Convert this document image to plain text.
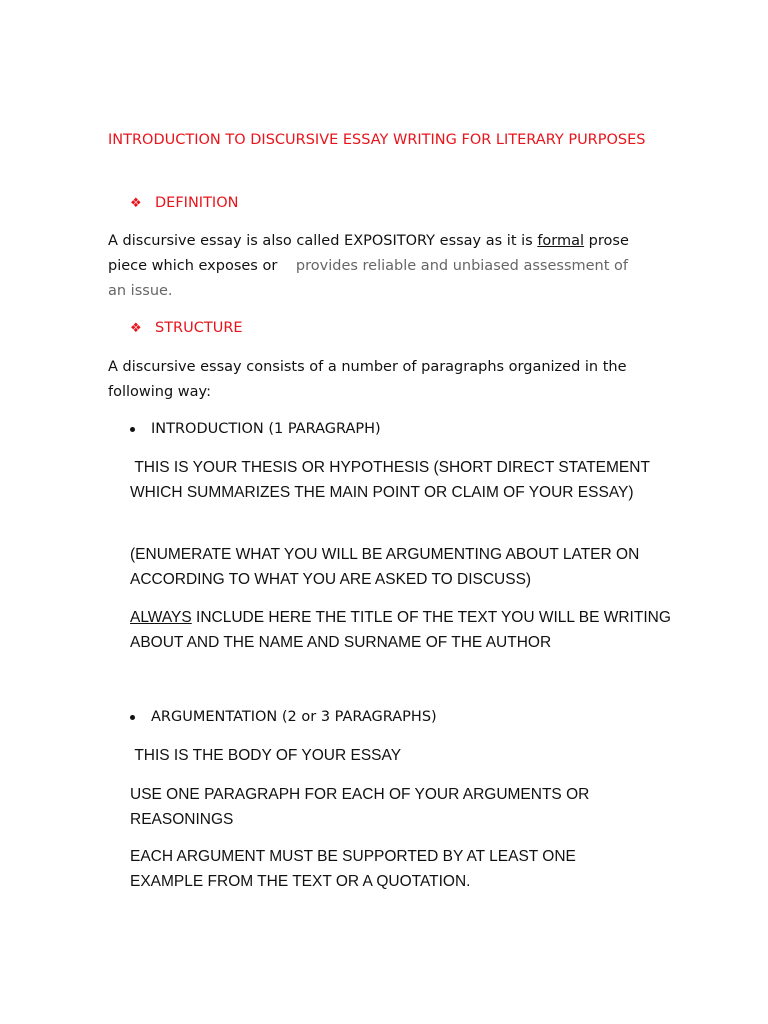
INTRODUCTION TO DISCURSIVE ESSAY WRITING FOR LITERARY PURPOSES

❖ DEFINITION

A discursive essay is also called EXPOSITORY essay as it is formal prose piece which exposes or provides reliable and unbiased assessment of an issue.

❖ STRUCTURE

A discursive essay consists of a number of paragraphs organized in the following way:

INTRODUCTION (1 PARAGRAPH)

THIS IS YOUR THESIS OR HYPOTHESIS (SHORT DIRECT STATEMENT WHICH SUMMARIZES THE MAIN POINT OR CLAIM OF YOUR ESSAY)

(ENUMERATE WHAT YOU WILL BE ARGUMENTING ABOUT LATER ON ACCORDING TO WHAT YOU ARE ASKED TO DISCUSS)

ALWAYS INCLUDE HERE THE TITLE OF THE TEXT YOU WILL BE WRITING ABOUT AND THE NAME AND SURNAME OF THE AUTHOR

ARGUMENTATION (2 or 3 PARAGRAPHS)

THIS IS THE BODY OF YOUR ESSAY

USE ONE PARAGRAPH FOR EACH OF YOUR ARGUMENTS OR REASONINGS

EACH ARGUMENT MUST BE SUPPORTED BY AT LEAST ONE EXAMPLE FROM THE TEXT OR A QUOTATION.
